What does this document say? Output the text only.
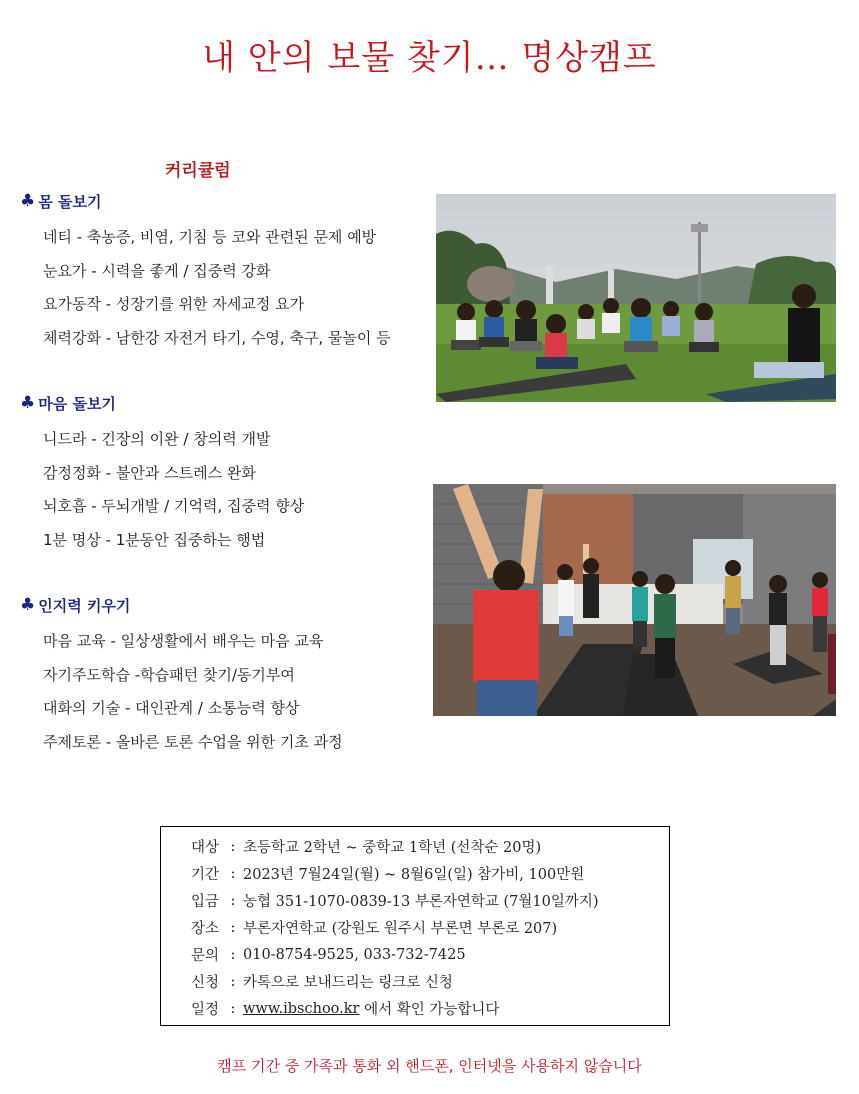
내 안의 보물 찾기… 명상캠프
커리큘럼
♣ 몸 돌보기
네티 - 축농증, 비염, 기침 등 코와 관련된 문제 예방
눈요가 - 시력을 좋게 / 집중력 강화
요가동작 - 성장기를 위한 자세교정 요가
체력강화 - 남한강 자전거 타기, 수영, 축구, 물놀이 등
♣ 마음 돌보기
니드라 - 긴장의 이완 / 창의력 개발
감정정화 - 불안과 스트레스 완화
뇌호흡 - 두뇌개발 / 기억력, 집중력 향상
1분 명상 - 1분동안 집중하는 행법
♣ 인지력 키우기
마음 교육 - 일상생활에서 배우는 마음 교육
자기주도학습 -학습패턴 찾기/동기부여
대화의 기술 - 대인관계 / 소통능력 향상
주제토론 - 올바른 토론 수업을 위한 기초 과정
대상 : 초등학교 2학년 ~ 중학교 1학년 (선착순 20명)
기간 : 2023년 7월24일(월) ~ 8월6일(일) 참가비, 100만원
입금 : 농협 351-1070-0839-13 부론자연학교 (7월10일까지)
장소 : 부론자연학교 (강원도 원주시 부론면 부론로 207)
문의 : 010-8754-9525, 033-732-7425
신청 : 카톡으로 보내드리는 링크로 신청
일정 : www.ibschoo.kr 에서 확인 가능합니다
캠프 기간 중 가족과 통화 외 핸드폰, 인터넷을 사용하지 않습니다
